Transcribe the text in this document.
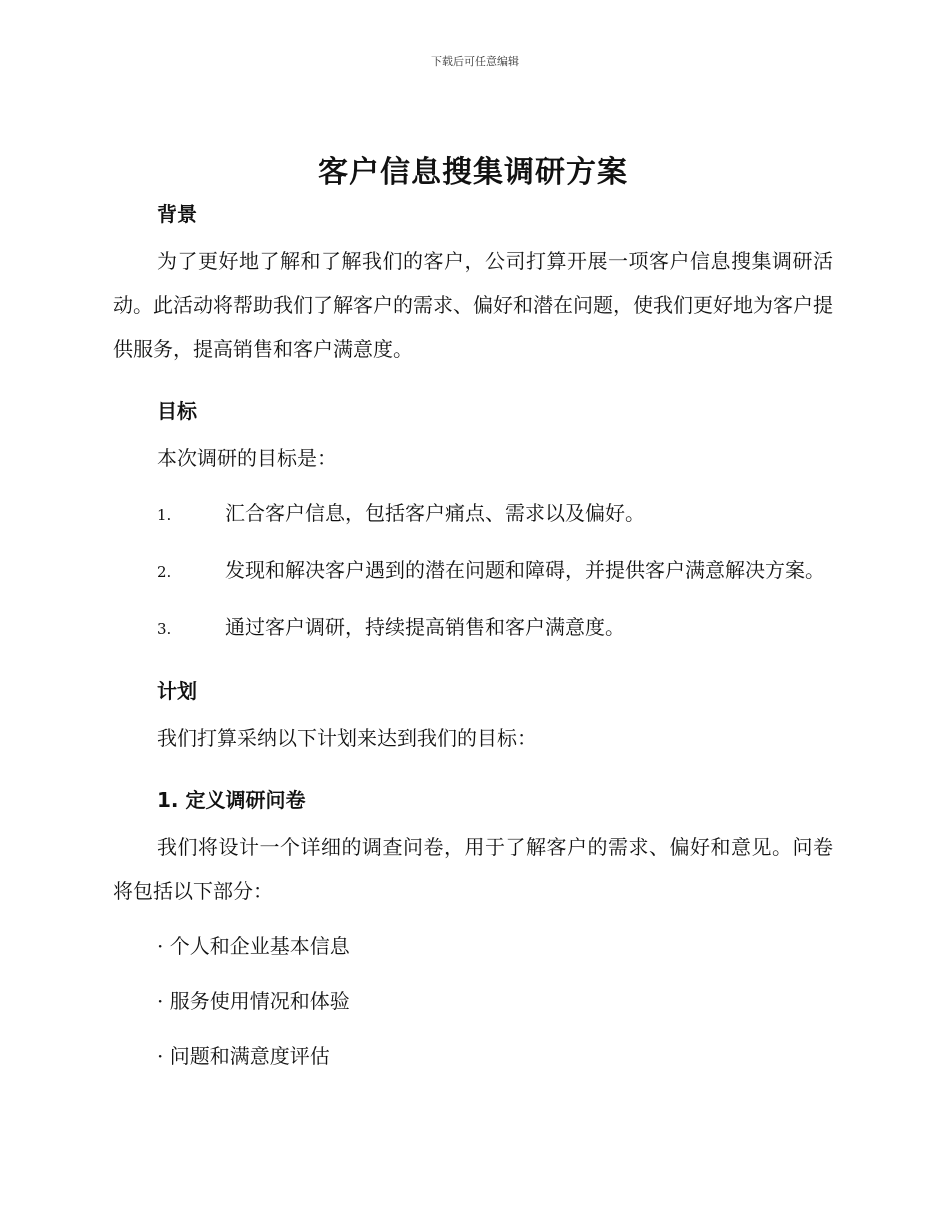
下载后可任意编辑
客户信息搜集调研方案
背景

为了更好地了解和了解我们的客户，公司打算开展一项客户信息搜集调研活动。此活动将帮助我们了解客户的需求、偏好和潜在问题，使我们更好地为客户提供服务，提高销售和客户满意度。

目标

本次调研的目标是：

1.	汇合客户信息，包括客户痛点、需求以及偏好。

2.	发现和解决客户遇到的潜在问题和障碍，并提供客户满意解决方案。

3.	通过客户调研，持续提高销售和客户满意度。

计划

我们打算采纳以下计划来达到我们的目标：

1. 定义调研问卷

我们将设计一个详细的调查问卷，用于了解客户的需求、偏好和意见。问卷将包括以下部分：

· 个人和企业基本信息

· 服务使用情况和体验

· 问题和满意度评估
